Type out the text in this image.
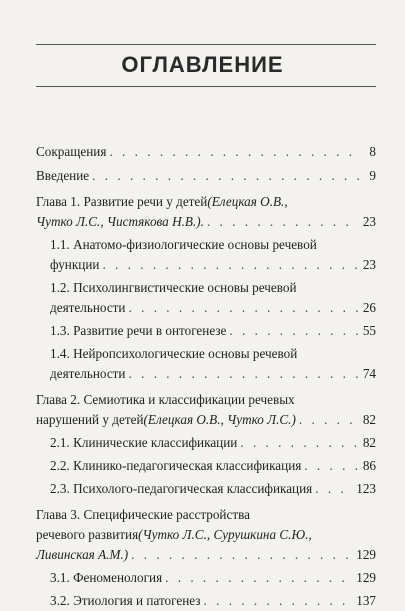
ОГЛАВЛЕНИЕ
Сокращения . . .	8
Введение . . .	9
Глава 1. Развитие речи у детей (Елецкая О.В.,
Чутко Л.С., Чистякова Н.В.). . . .	23
1.1. Анатомо-физиологические основы речевой
функции . . .	23
1.2. Психолингвистические основы речевой
деятельности . . .	26
1.3. Развитие речи в онтогенезе . . .	55
1.4. Нейропсихологические основы речевой
деятельности . . .	74
Глава 2. Семиотика и классификации речевых
нарушений у детей (Елецкая О.В., Чутко Л.С.) . . .	82
2.1. Клинические классификации . . .	82
2.2. Клинико-педагогическая классификация . . .	86
2.3. Психолого-педагогическая классификация . . .	123
Глава 3. Специфические расстройства
речевого развития (Чутко Л.С., Сурушкина С.Ю.,
Ливинская А.М.) . . .	129
3.1. Феноменология . . .	129
3.2. Этиология и патогенез . . .	137
